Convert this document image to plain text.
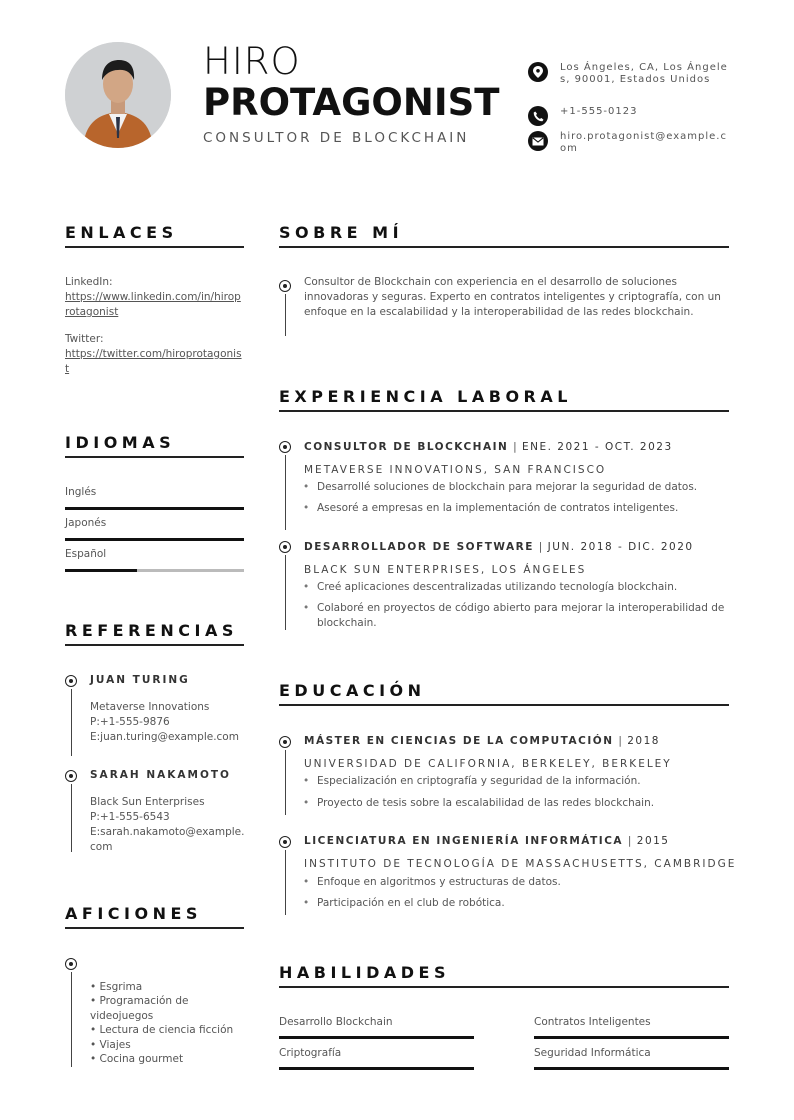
HIRO
PROTAGONIST
CONSULTOR DE BLOCKCHAIN
Los Ángeles, CA, Los Ángeles, 90001, Estados Unidos
+1-555-0123
hiro.protagonist@example.com
ENLACES
LinkedIn:
https://www.linkedin.com/in/hiroprotagonist
Twitter:
https://twitter.com/hiroprotagonist
IDIOMAS
Inglés
Japonés
Español
REFERENCIAS
JUAN TURING
Metaverse Innovations
P:+1-555-9876
E:juan.turing@example.com
SARAH NAKAMOTO
Black Sun Enterprises
P:+1-555-6543
E:sarah.nakamoto@example.com
AFICIONES
• Esgrima
• Programación de videojuegos
• Lectura de ciencia ficción
• Viajes
• Cocina gourmet
SOBRE MÍ
Consultor de Blockchain con experiencia en el desarrollo de soluciones innovadoras y seguras. Experto en contratos inteligentes y criptografía, con un enfoque en la escalabilidad y la interoperabilidad de las redes blockchain.
EXPERIENCIA LABORAL
CONSULTOR DE BLOCKCHAIN | ENE. 2021 - OCT. 2023
METAVERSE INNOVATIONS, SAN FRANCISCO
• Desarrollé soluciones de blockchain para mejorar la seguridad de datos.
• Asesoré a empresas en la implementación de contratos inteligentes.
DESARROLLADOR DE SOFTWARE | JUN. 2018 - DIC. 2020
BLACK SUN ENTERPRISES, LOS ÁNGELES
• Creé aplicaciones descentralizadas utilizando tecnología blockchain.
• Colaboré en proyectos de código abierto para mejorar la interoperabilidad de blockchain.
EDUCACIÓN
MÁSTER EN CIENCIAS DE LA COMPUTACIÓN | 2018
UNIVERSIDAD DE CALIFORNIA, BERKELEY, BERKELEY
• Especialización en criptografía y seguridad de la información.
• Proyecto de tesis sobre la escalabilidad de las redes blockchain.
LICENCIATURA EN INGENIERÍA INFORMÁTICA | 2015
INSTITUTO DE TECNOLOGÍA DE MASSACHUSETTS, CAMBRIDGE
• Enfoque en algoritmos y estructuras de datos.
• Participación en el club de robótica.
HABILIDADES
Desarrollo Blockchain	Contratos Inteligentes
Criptografía	Seguridad Informática
